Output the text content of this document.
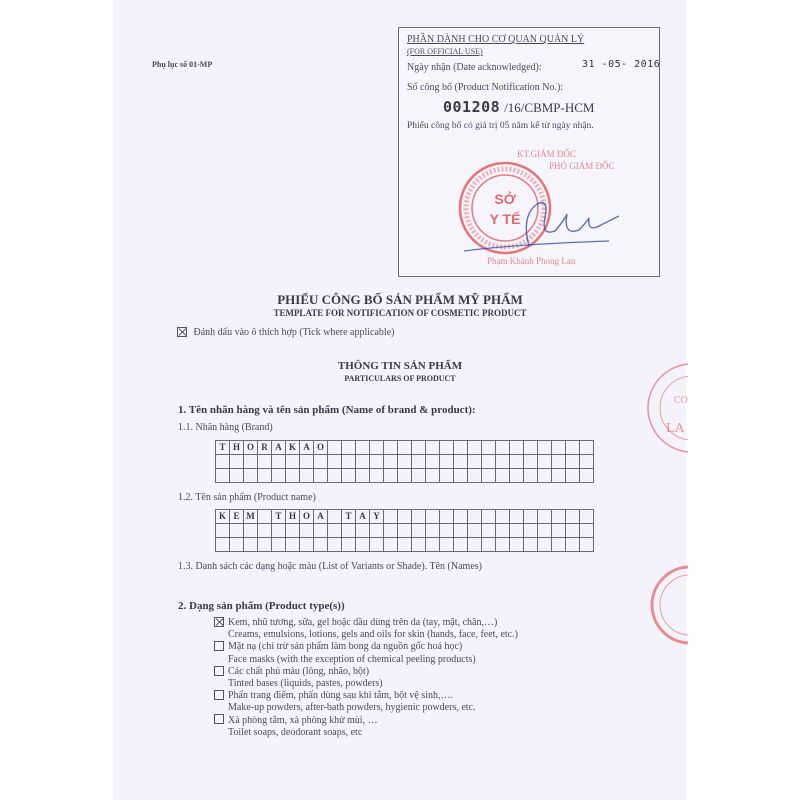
Phụ lục số 01-MP
PHẦN DÀNH CHO CƠ QUAN QUẢN LÝ
(FOR OFFICIAL USE)
Ngày nhận (Date acknowledged):	31 -05- 2016
Số công bố (Product Notification No.):
001208 /16/CBMP-HCM
Phiếu công bố có giá trị 05 năm kể từ ngày nhận.
KT.GIÁM ĐỐC
PHÓ GIÁM ĐỐC
SỞ
Y TẾ
Phạm Khánh Phong Lan
PHIẾU CÔNG BỐ SẢN PHẨM MỸ PHẨM
TEMPLATE FOR NOTIFICATION OF COSMETIC PRODUCT
Đánh dấu vào ô thích hợp (Tick where applicable)
THÔNG TIN SẢN PHẨM
PARTICULARS OF PRODUCT
1. Tên nhãn hàng và tên sản phẩm (Name of brand & product):
1.1. Nhãn hàng (Brand)
T	H	O	R	A	K	A	O																			

1.2. Tên sản phẩm (Product name)
K	E	M		T	H	O	A		T	A	Y															

1.3. Danh sách các dạng hoặc màu (List of Variants or Shade). Tên (Names)
2. Dạng sản phẩm (Product type(s))
Kem, nhũ tương, sữa, gel hoặc dầu dùng trên da (tay, mặt, chân,…)
Creams, emulsions, lotions, gels and oils for skin (hands, face, feet, etc.)
Mặt nạ (chỉ trừ sản phẩm làm bong da nguồn gốc hoá học)
Face masks (with the exception of chemical peeling products)
Các chất phủ màu (lỏng, nhão, bột)
Tinted bases (liquids, pastes, powders)
Phấn trang điểm, phấn dùng sau khi tắm, bột vệ sinh,….
Make-up powders, after-bath powders, hygienic powders, etc.
Xà phòng tắm, xà phòng khử mùi, …
Toilet soaps, deodorant soaps, etc
CO
LA
